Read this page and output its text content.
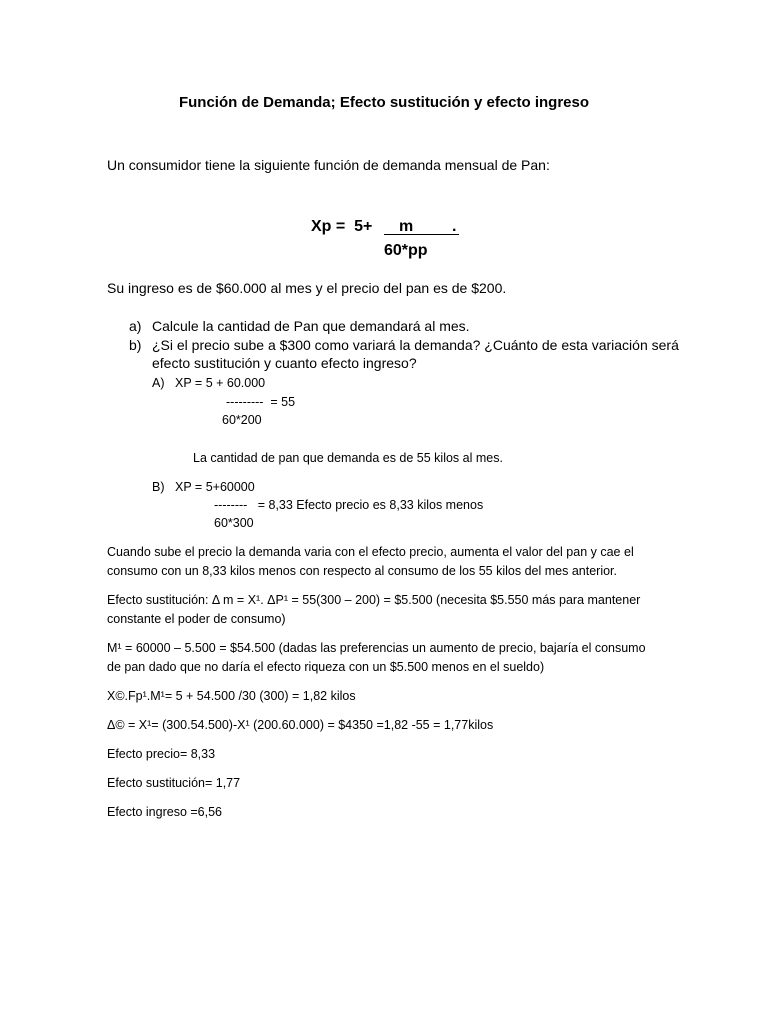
Función de Demanda; Efecto sustitución y efecto ingreso
Un consumidor tiene la siguiente función de demanda mensual de Pan:
Xp =  5+ m .
60*pp
Su ingreso es de $60.000 al mes y el precio del pan es de $200.
a) Calcule la cantidad de Pan que demandará al mes.
b) ¿Si el precio sube a $300 como variará la demanda? ¿Cuánto de esta variación será
efecto sustitución y cuanto efecto ingreso?
A) XP = 5 + 60.000
---------  = 55
60*200
La cantidad de pan que demanda es de 55 kilos al mes.
B) XP = 5+60000
--------   = 8,33 Efecto precio es 8,33 kilos menos
60*300
Cuando sube el precio la demanda varia con el efecto precio, aumenta el valor del pan y cae el
consumo con un 8,33 kilos menos con respecto al consumo de los 55 kilos del mes anterior.
Efecto sustitución: Δ m = X¹. ΔP¹ = 55(300 – 200) = $5.500 (necesita $5.550 más para mantener
constante el poder de consumo)
M¹ = 60000 – 5.500 = $54.500 (dadas las preferencias un aumento de precio, bajaría el consumo
de pan dado que no daría el efecto riqueza con un $5.500 menos en el sueldo)
X©.Fp¹.M¹= 5 + 54.500 /30 (300) = 1,82 kilos
Δ© = X¹= (300.54.500)-X¹ (200.60.000) = $4350 =1,82 -55 = 1,77kilos
Efecto precio= 8,33
Efecto sustitución= 1,77
Efecto ingreso =6,56
